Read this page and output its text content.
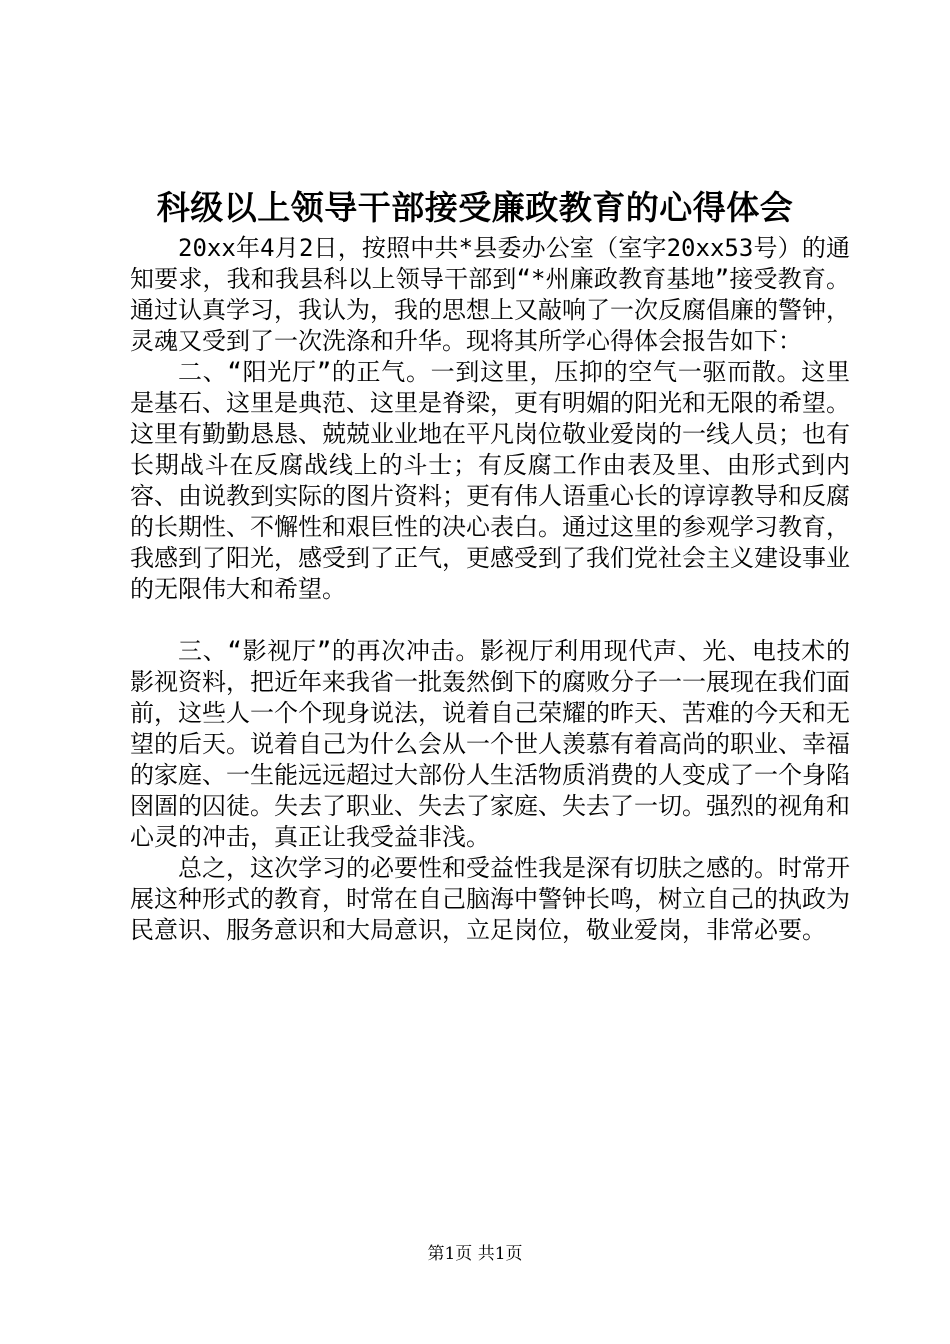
科级以上领导干部接受廉政教育的心得体会

20xx年4月2日，按照中共*县委办公室（室字20xx53号）的通知要求，我和我县科以上领导干部到“*州廉政教育基地”接受教育。通过认真学习，我认为，我的思想上又敲响了一次反腐倡廉的警钟，灵魂又受到了一次洗涤和升华。现将其所学心得体会报告如下：

二、“阳光厅”的正气。一到这里，压抑的空气一驱而散。这里是基石、这里是典范、这里是脊梁，更有明媚的阳光和无限的希望。这里有勤勤恳恳、兢兢业业地在平凡岗位敬业爱岗的一线人员；也有长期战斗在反腐战线上的斗士；有反腐工作由表及里、由形式到内容、由说教到实际的图片资料；更有伟人语重心长的谆谆教导和反腐的长期性、不懈性和艰巨性的决心表白。通过这里的参观学习教育，我感到了阳光，感受到了正气，更感受到了我们党社会主义建设事业的无限伟大和希望。

三、“影视厅”的再次冲击。影视厅利用现代声、光、电技术的影视资料，把近年来我省一批轰然倒下的腐败分子一一展现在我们面前，这些人一个个现身说法，说着自己荣耀的昨天、苦难的今天和无望的后天。说着自己为什么会从一个世人羡慕有着高尚的职业、幸福的家庭、一生能远远超过大部份人生活物质消费的人变成了一个身陷囹圄的囚徒。失去了职业、失去了家庭、失去了一切。强烈的视角和心灵的冲击，真正让我受益非浅。

总之，这次学习的必要性和受益性我是深有切肤之感的。时常开展这种形式的教育，时常在自己脑海中警钟长鸣，树立自己的执政为民意识、服务意识和大局意识，立足岗位，敬业爱岗，非常必要。

第1页 共1页
